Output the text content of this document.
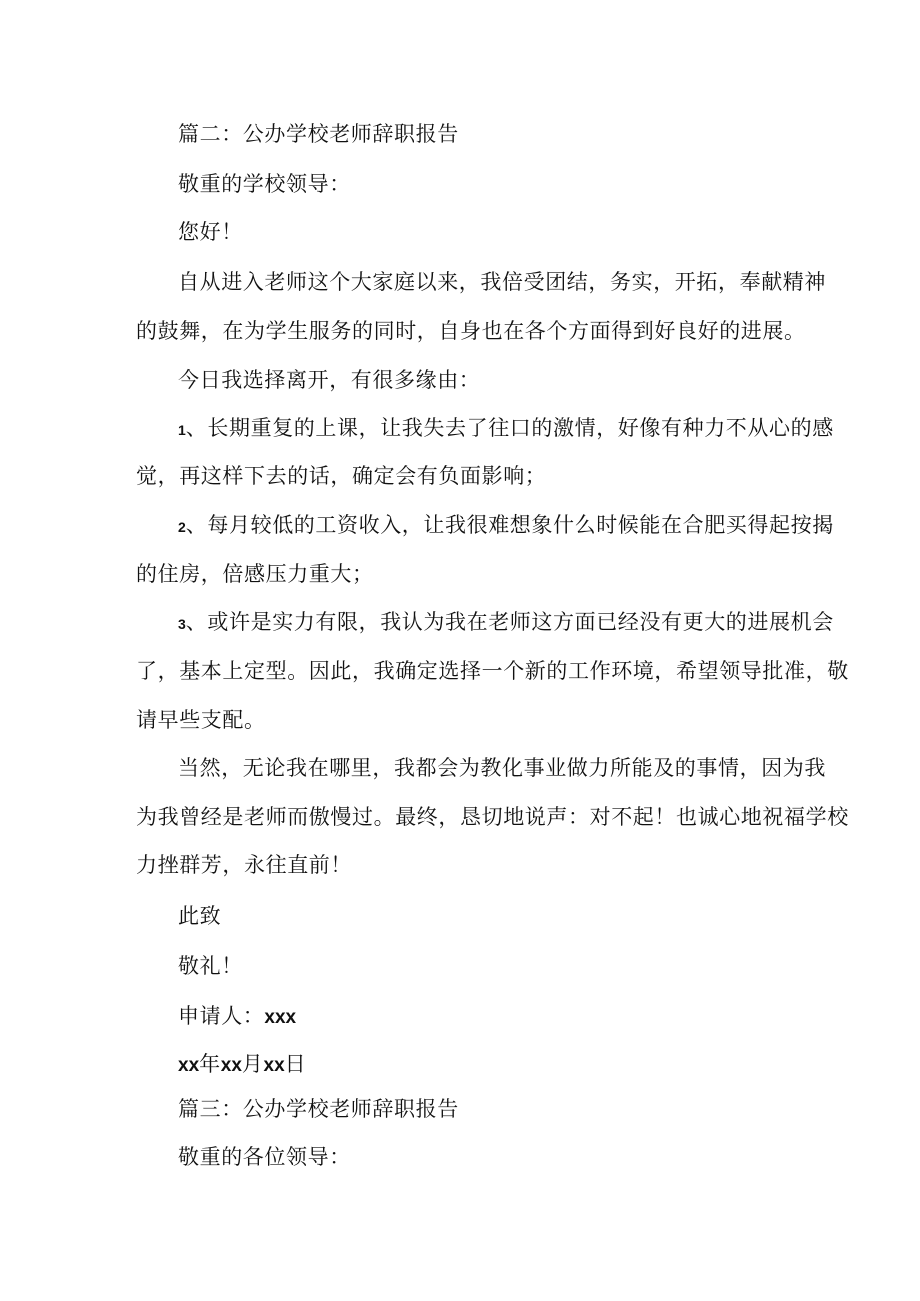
篇二：公办学校老师辞职报告
敬重的学校领导：
您好！
自从进入老师这个大家庭以来，我倍受团结，务实，开拓，奉献精神
的鼓舞，在为学生服务的同时，自身也在各个方面得到好良好的进展。
今日我选择离开，有很多缘由：
1、长期重复的上课，让我失去了往口的激情，好像有种力不从心的感
觉，再这样下去的话，确定会有负面影响；
2、每月较低的工资收入，让我很难想象什么时候能在合肥买得起按揭
的住房，倍感压力重大；
3、或许是实力有限，我认为我在老师这方面已经没有更大的进展机会
了，基本上定型。因此，我确定选择一个新的工作环境，希望领导批准，敬
请早些支配。
当然，无论我在哪里，我都会为教化事业做力所能及的事情，因为我
为我曾经是老师而傲慢过。最终，恳切地说声：对不起！也诚心地祝福学校
力挫群芳，永往直前！
此致
敬礼！
申请人：xxx
xx年xx月xx日
篇三：公办学校老师辞职报告
敬重的各位领导：
